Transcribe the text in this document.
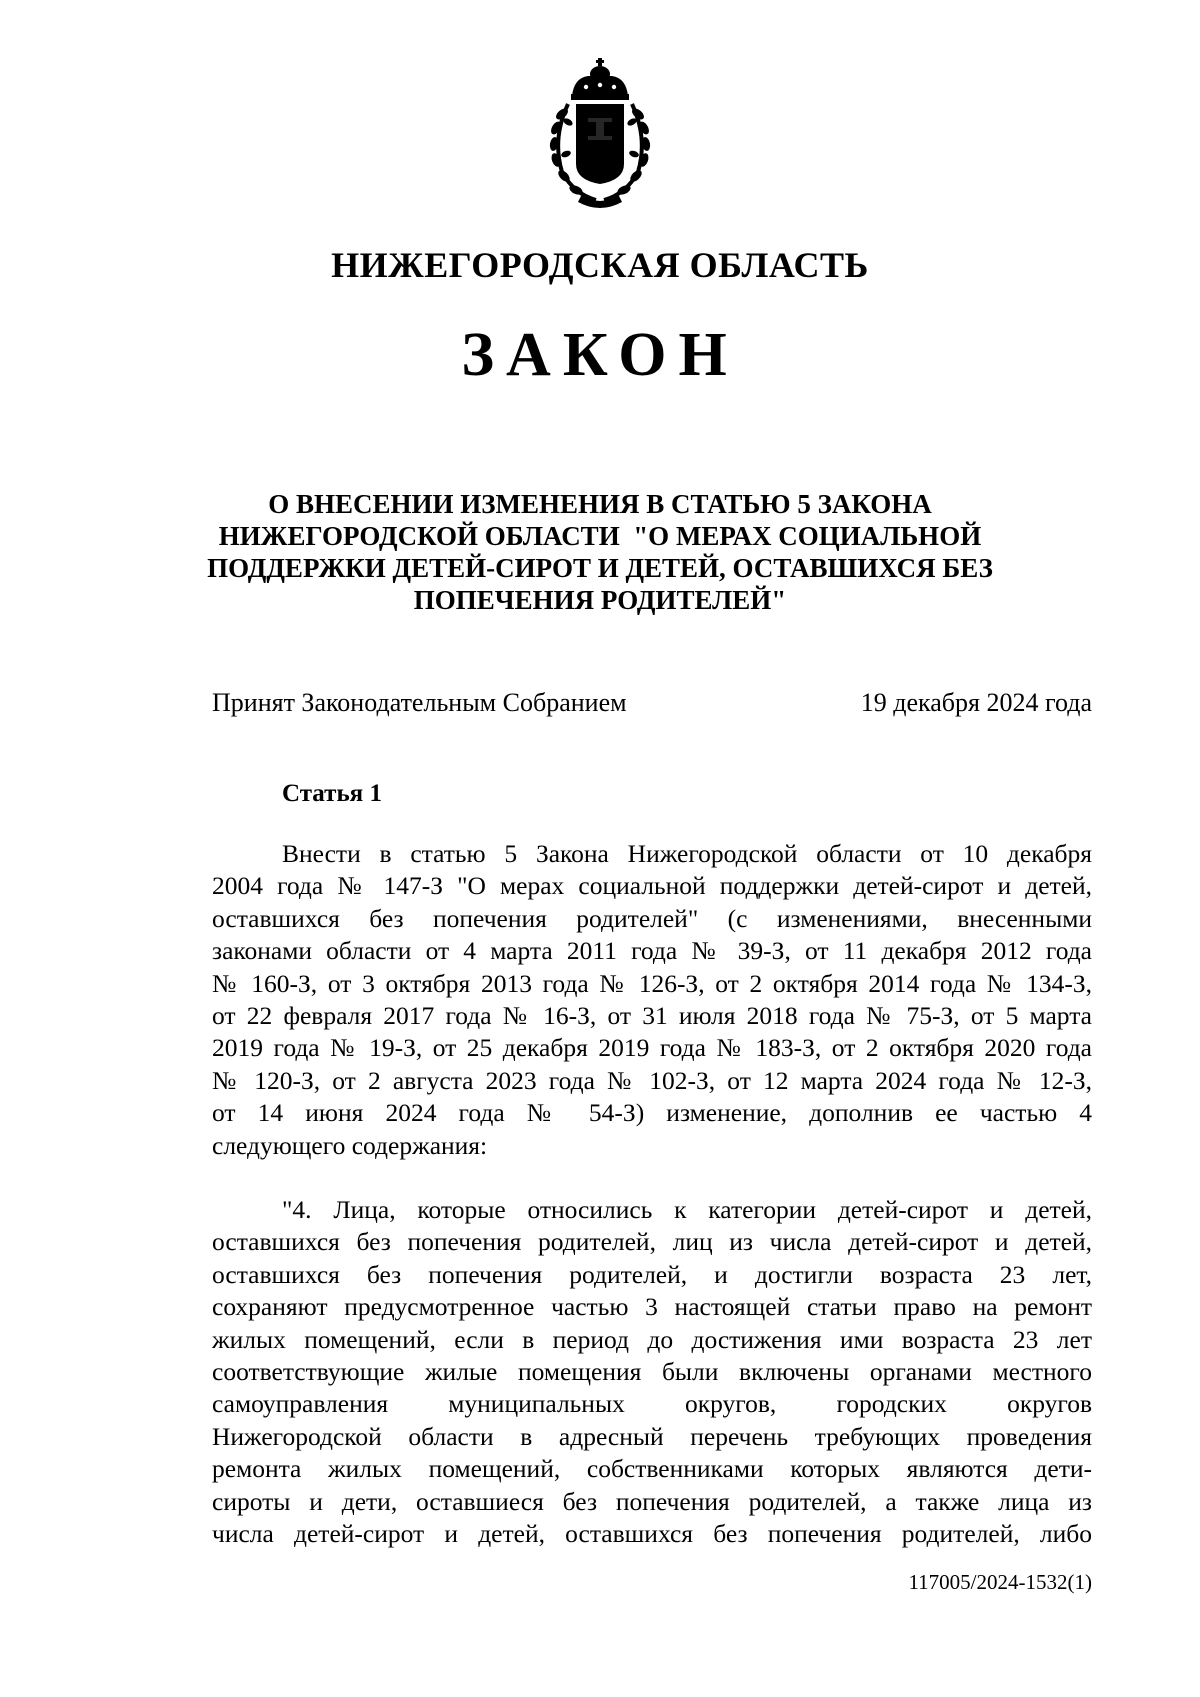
НИЖЕГОРОДСКАЯ ОБЛАСТЬ
ЗАКОН
О ВНЕСЕНИИ ИЗМЕНЕНИЯ В СТАТЬЮ 5 ЗАКОНА
НИЖЕГОРОДСКОЙ ОБЛАСТИ  "О МЕРАХ СОЦИАЛЬНОЙ
ПОДДЕРЖКИ ДЕТЕЙ-СИРОТ И ДЕТЕЙ, ОСТАВШИХСЯ БЕЗ
ПОПЕЧЕНИЯ РОДИТЕЛЕЙ"
Принят Законодательным Собранием	19 декабря 2024 года
Статья 1
Внести в статью 5 Закона Нижегородской области от 10 декабря
2004 года № 147-З "О мерах социальной поддержки детей-сирот и детей,
оставшихся без попечения родителей" (с изменениями, внесенными
законами области от 4 марта 2011 года № 39-З, от 11 декабря 2012 года
№ 160-З, от 3 октября 2013 года № 126-З, от 2 октября 2014 года № 134-З,
от 22 февраля 2017 года № 16-З, от 31 июля 2018 года № 75-З, от 5 марта
2019 года № 19-З, от 25 декабря 2019 года № 183-З, от 2 октября 2020 года
№ 120-З, от 2 августа 2023 года № 102-З, от 12 марта 2024 года № 12-З,
от 14 июня 2024 года № 54-З) изменение, дополнив ее частью 4
следующего содержания:
"4. Лица, которые относились к категории детей-сирот и детей,
оставшихся без попечения родителей, лиц из числа детей-сирот и детей,
оставшихся без попечения родителей, и достигли возраста 23 лет,
сохраняют предусмотренное частью 3 настоящей статьи право на ремонт
жилых помещений, если в период до достижения ими возраста 23 лет
соответствующие жилые помещения были включены органами местного
самоуправления муниципальных округов, городских округов
Нижегородской области в адресный перечень требующих проведения
ремонта жилых помещений, собственниками которых являются дети-
сироты и дети, оставшиеся без попечения родителей, а также лица из
числа детей-сирот и детей, оставшихся без попечения родителей, либо
117005/2024-1532(1)
